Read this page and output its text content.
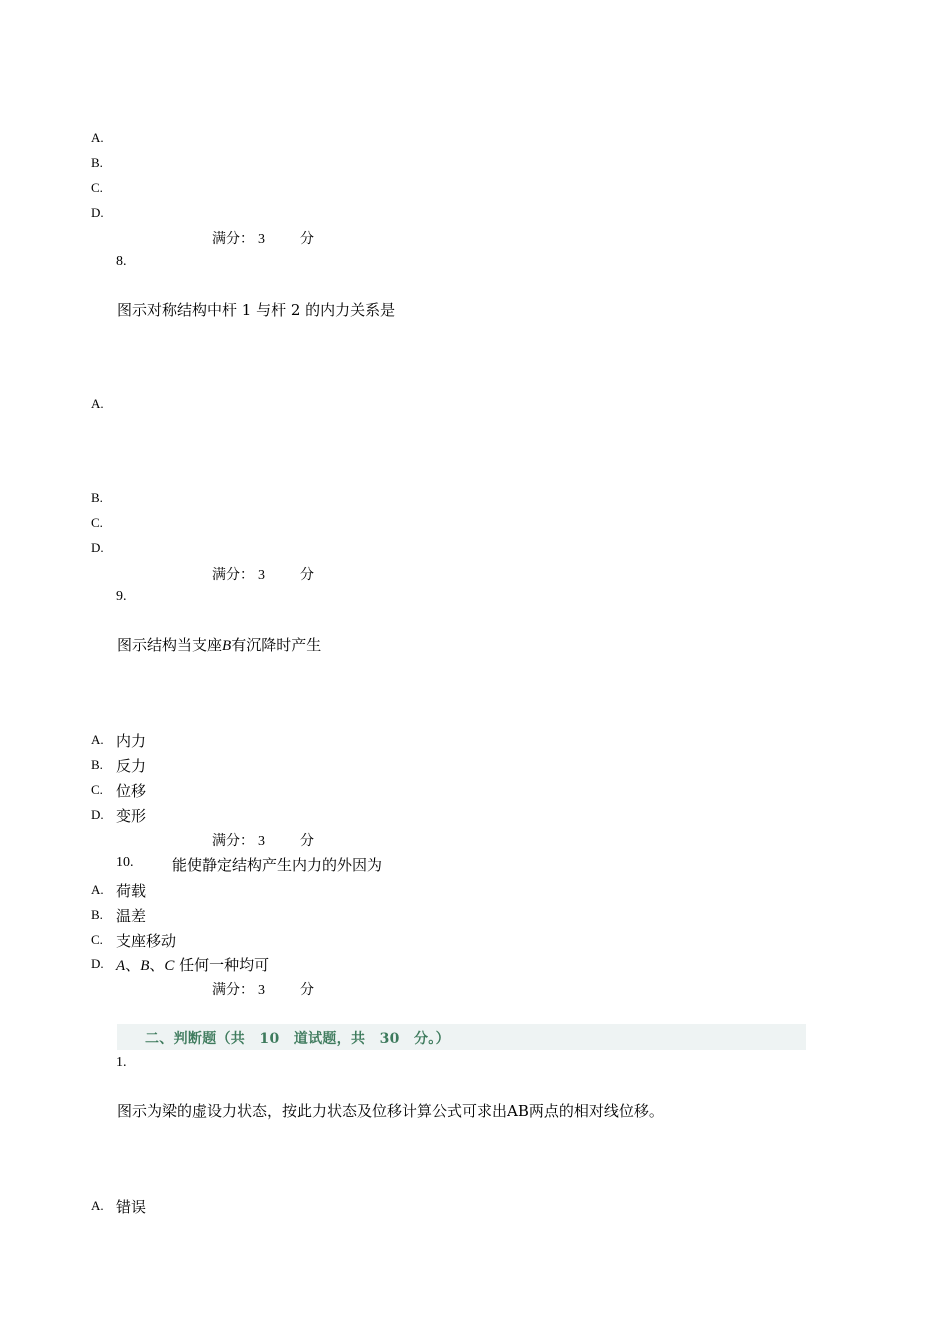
A.
B.
C.
D.
满分： 3	分
8.
图示对称结构中杆 1 与杆 2 的内力关系是
A.
B.
C.
D.
满分： 3	分
9.
图示结构当支座B有沉降时产生
A. 内力
B. 反力
C. 位移
D. 变形
满分： 3	分
10.	能使静定结构产生内力的外因为
A. 荷载
B. 温差
C. 支座移动
D. A、B、C 任何一种均可
满分： 3	分
二、判断题（共　10　道试题，共　30　分。）
1.
图示为梁的虚设力状态，按此力状态及位移计算公式可求出AB两点的相对线位移。
A. 错误
